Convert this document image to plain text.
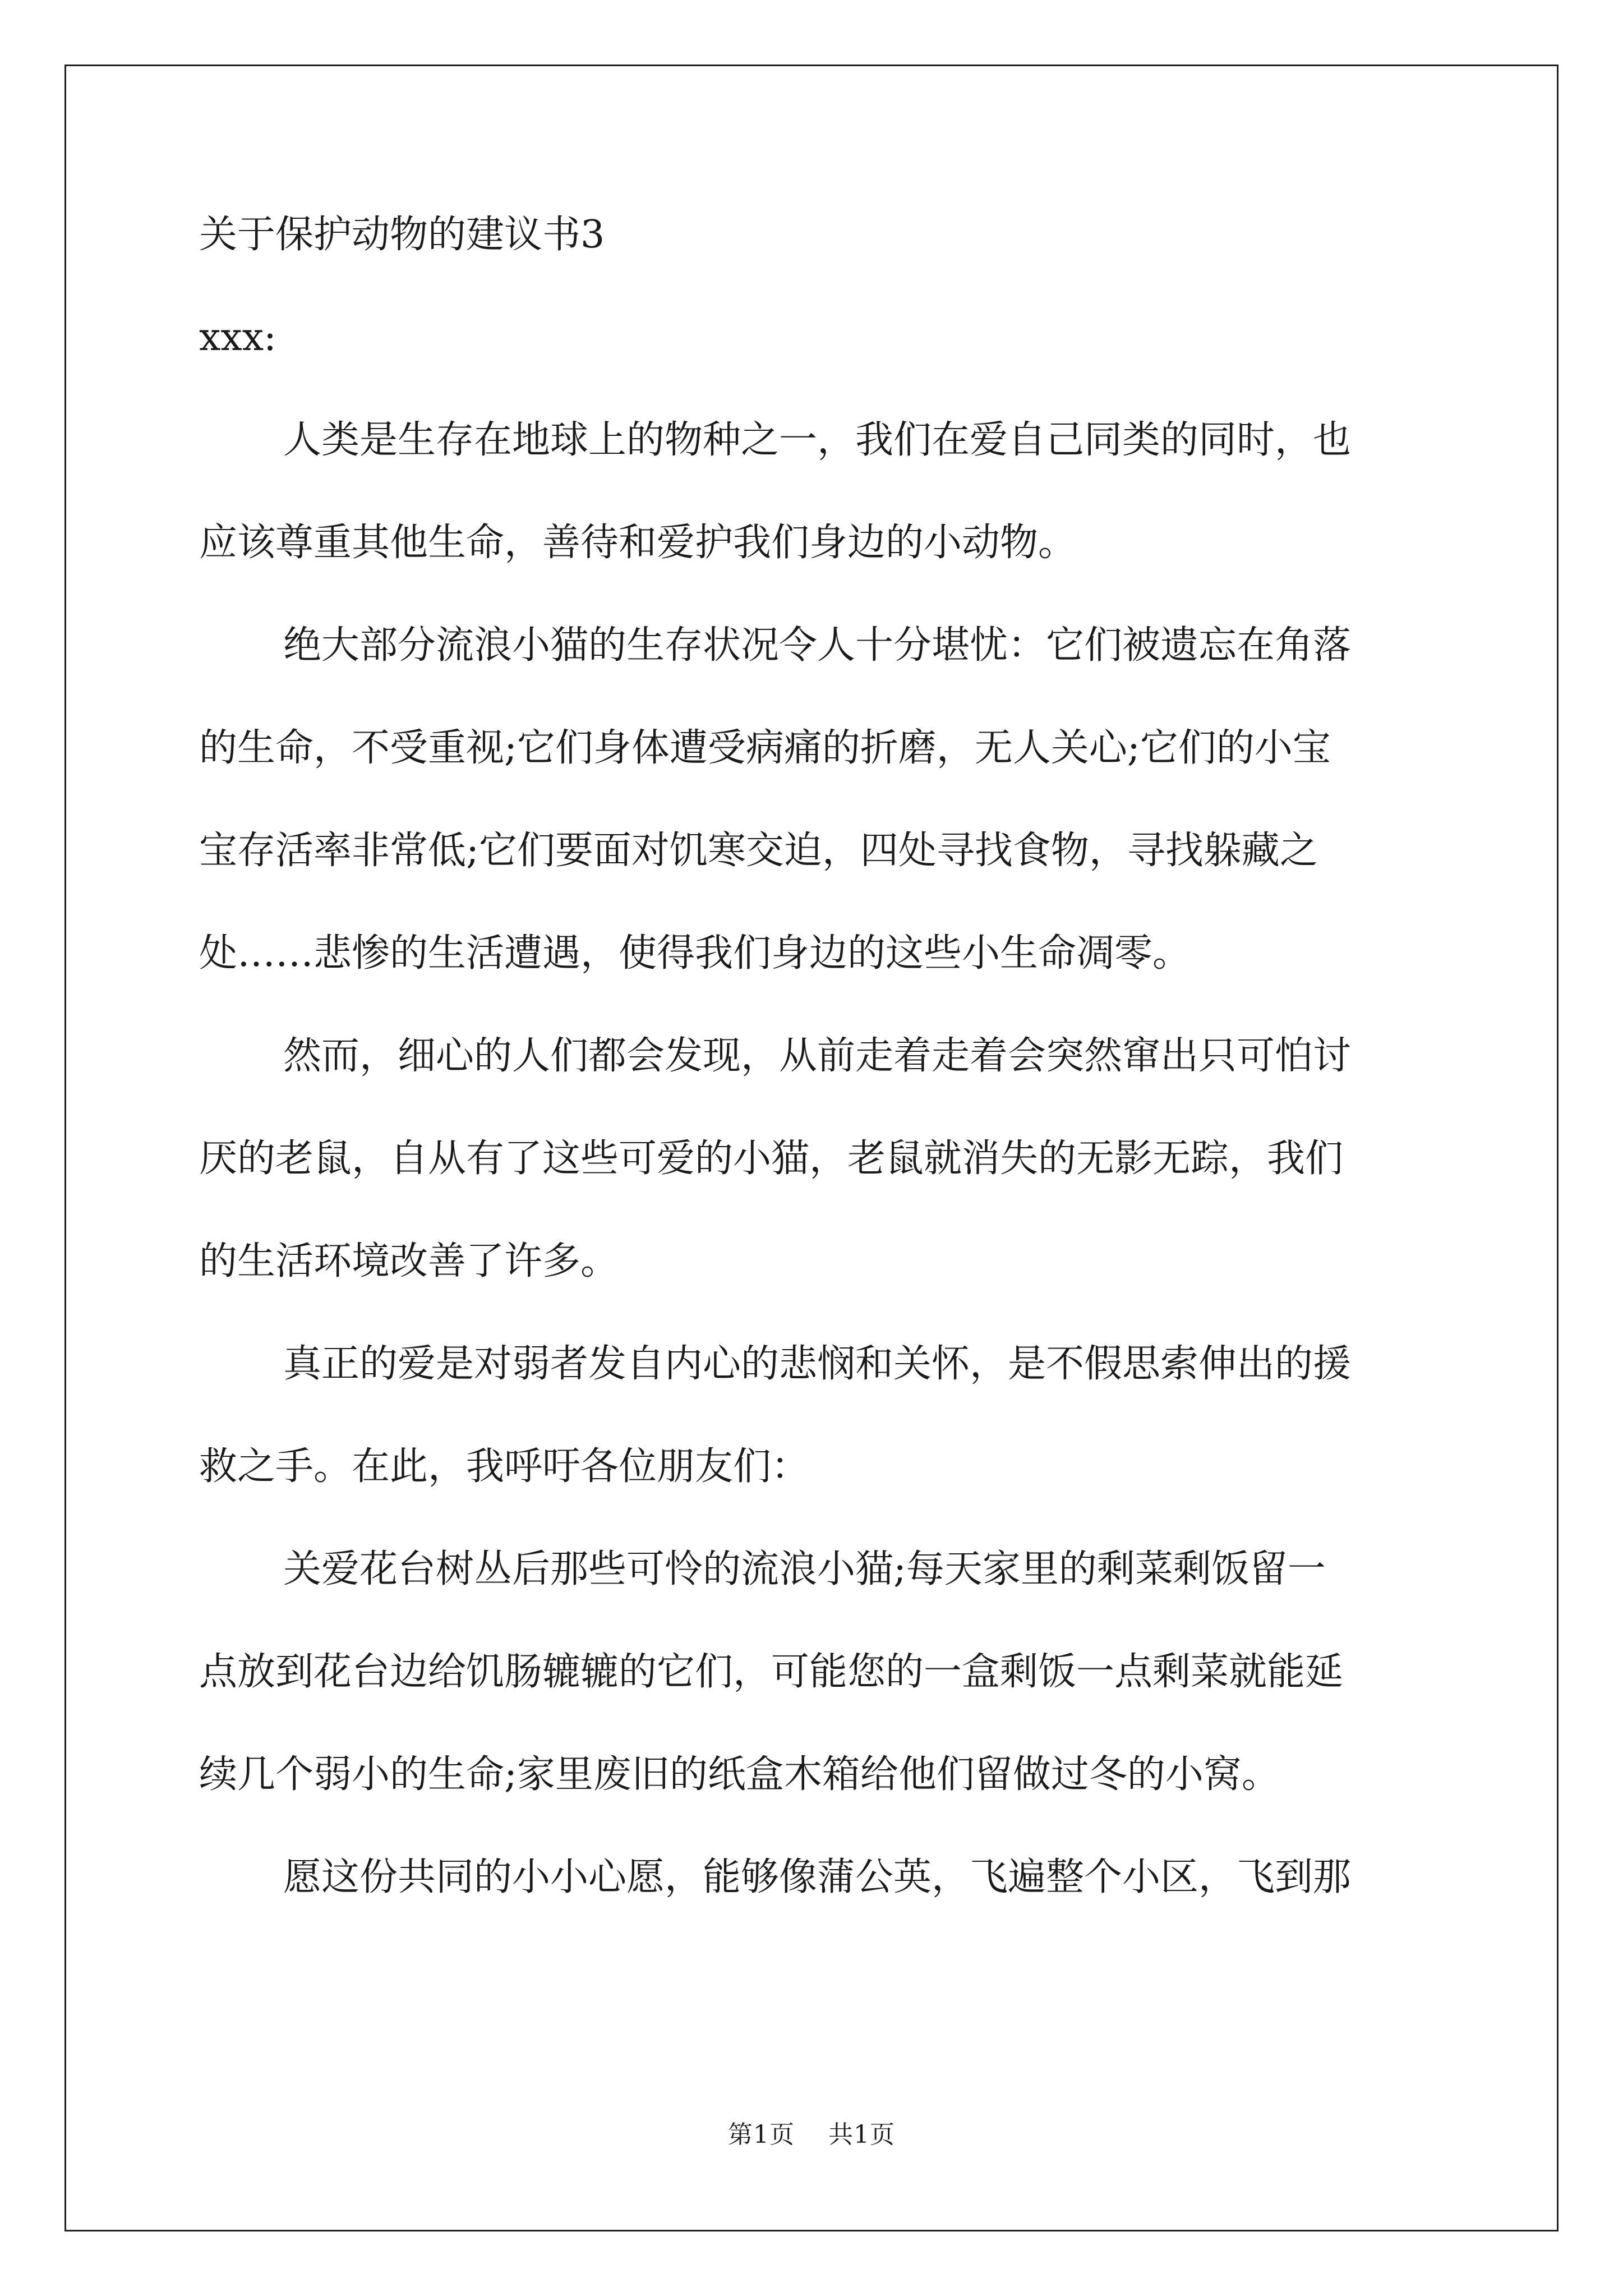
关于保护动物的建议书3
xxx:
人类是生存在地球上的物种之一，我们在爱自己同类的同时，也
应该尊重其他生命，善待和爱护我们身边的小动物。
绝大部分流浪小猫的生存状况令人十分堪忧：它们被遗忘在角落
的生命，不受重视;它们身体遭受病痛的折磨，无人关心;它们的小宝
宝存活率非常低;它们要面对饥寒交迫，四处寻找食物，寻找躲藏之
处……悲惨的生活遭遇，使得我们身边的这些小生命凋零。
然而，细心的人们都会发现，从前走着走着会突然窜出只可怕讨
厌的老鼠，自从有了这些可爱的小猫，老鼠就消失的无影无踪，我们
的生活环境改善了许多。
真正的爱是对弱者发自内心的悲悯和关怀，是不假思索伸出的援
救之手。在此，我呼吁各位朋友们：
关爱花台树丛后那些可怜的流浪小猫;每天家里的剩菜剩饭留一
点放到花台边给饥肠辘辘的它们，可能您的一盒剩饭一点剩菜就能延
续几个弱小的生命;家里废旧的纸盒木箱给他们留做过冬的小窝。
愿这份共同的小小心愿，能够像蒲公英，飞遍整个小区，飞到那
第1页 共1页
